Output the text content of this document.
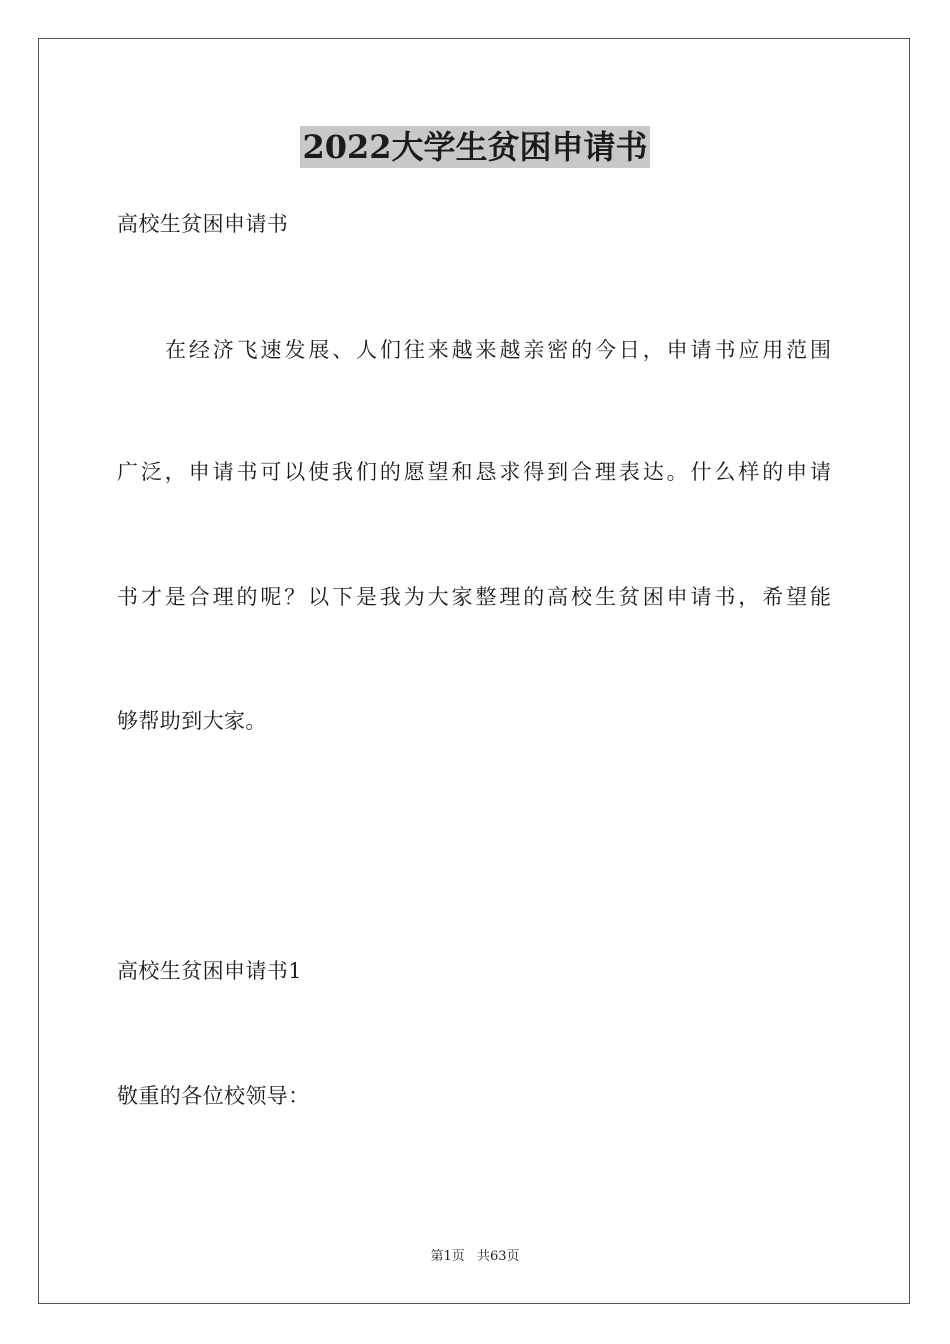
2022大学生贫困申请书
高校生贫困申请书
在经济飞速发展、人们往来越来越亲密的今日，申请书应用范围
广泛，申请书可以使我们的愿望和恳求得到合理表达。什么样的申请
书才是合理的呢？以下是我为大家整理的高校生贫困申请书，希望能
够帮助到大家。
高校生贫困申请书1
敬重的各位校领导：
第1页 共63页
